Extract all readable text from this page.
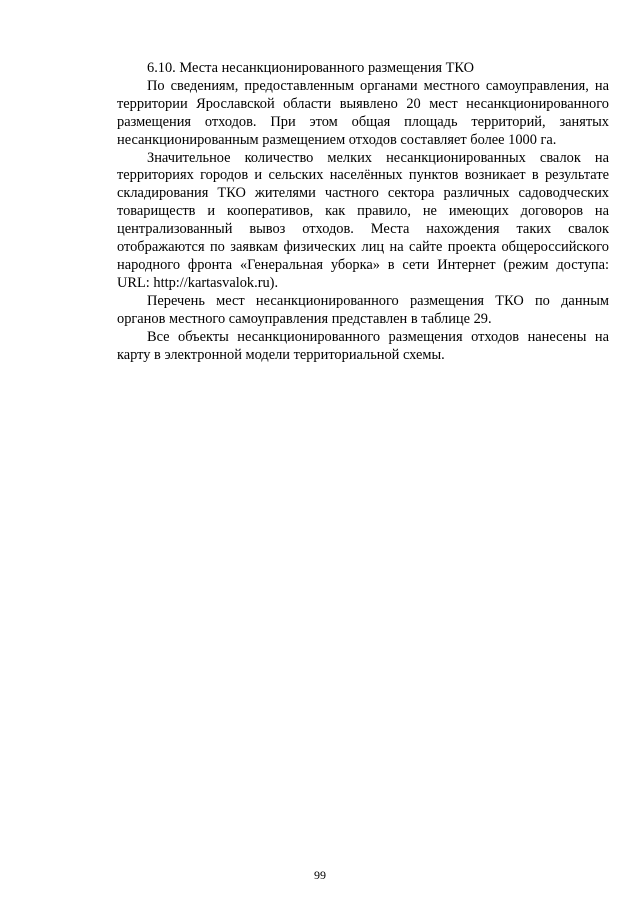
6.10. Места несанкционированного размещения ТКО

По сведениям, предоставленным органами местного самоуправления, на территории Ярославской области выявлено 20 мест несанкционированного размещения отходов. При этом общая площадь территорий, занятых несанкционированным размещением отходов составляет более 1000 га.

Значительное количество мелких несанкционированных свалок на территориях городов и сельских населённых пунктов возникает в результате складирования ТКО жителями частного сектора различных садоводческих товариществ и кооперативов, как правило, не имеющих договоров на централизованный вывоз отходов. Места нахождения таких свалок отображаются по заявкам физических лиц на сайте проекта общероссийского народного фронта «Генеральная уборка» в сети Интернет (режим доступа: URL: http://kartasvalok.ru).

Перечень мест несанкционированного размещения ТКО по данным органов местного самоуправления представлен в таблице 29.

Все объекты несанкционированного размещения отходов нанесены на карту в электронной модели территориальной схемы.

99
